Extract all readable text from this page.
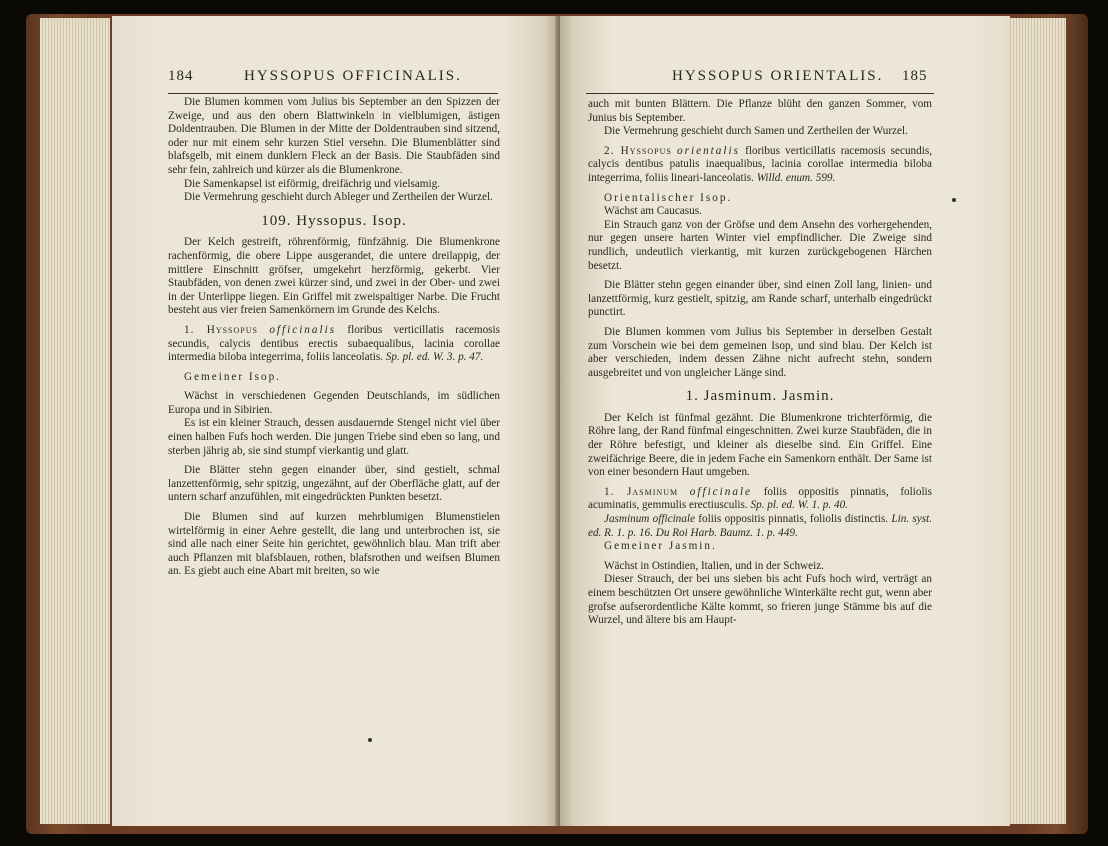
184	HYSSOPUS OFFICINALIS.

Die Blumen kommen vom Julius bis September an den Spizzen der Zweige, und aus den obern Blattwinkeln in vielblumigen, ästigen Doldentrauben. Die Blumen in der Mitte der Doldentrauben sind sitzend, oder nur mit einem sehr kurzen Stiel versehn. Die Blumenblätter sind blafsgelb, mit einem dunklern Fleck an der Basis. Die Staubfäden sind sehr fein, zahlreich und kürzer als die Blumenkrone.

Die Samenkapsel ist eiförmig, dreifächrig und vielsamig.

Die Vermehrung geschieht durch Ableger und Zertheilen der Wurzel.

109. Hyssopus. Isop.

Der Kelch gestreift, röhrenförmig, fünfzähnig. Die Blumenkrone rachenförmig, die obere Lippe ausgerandet, die untere dreilappig, der mittlere Einschnitt gröfser, umgekehrt herzförmig, gekerbt. Vier Staubfäden, von denen zwei kürzer sind, und zwei in der Ober- und zwei in der Unterlippe liegen. Ein Griffel mit zweispaltiger Narbe. Die Frucht besteht aus vier freien Samenkörnern im Grunde des Kelchs.

1. Hyssopus officinalis floribus verticillatis racemosis secundis, calycis dentibus erectis subaequalibus, lacinia corollae intermedia biloba integerrima, foliis lanceolatis. Sp. pl. ed. W. 3. p. 47.

Gemeiner Isop.

Wächst in verschiedenen Gegenden Deutschlands, im südlichen Europa und in Sibirien.

Es ist ein kleiner Strauch, dessen ausdauernde Stengel nicht viel über einen halben Fufs hoch werden. Die jungen Triebe sind eben so lang, und sterben jährig ab, sie sind stumpf vierkantig und glatt.

Die Blätter stehn gegen einander über, sind gestielt, schmal lanzettenförmig, sehr spitzig, ungezähnt, auf der Oberfläche glatt, auf der untern scharf anzufühlen, mit eingedrückten Punkten besetzt.

Die Blumen sind auf kurzen mehrblumigen Blumenstielen wirtelförmig in einer Aehre gestellt, die lang und unterbrochen ist, sie sind alle nach einer Seite hin gerichtet, gewöhnlich blau. Man trift aber auch Pflanzen mit blafsblauen, rothen, blafsrothen und weifsen Blumen an. Es giebt auch eine Abart mit breiten, so wie

HYSSOPUS ORIENTALIS. 185

auch mit bunten Blättern. Die Pflanze blüht den ganzen Sommer, vom Junius bis September.

Die Vermehrung geschieht durch Samen und Zertheilen der Wurzel.

2. Hyssopus orientalis floribus verticillatis racemosis secundis, calycis dentibus patulis inaequalibus, lacinia corollae intermedia biloba integerrima, foliis lineari-lanceolatis. Willd. enum. 599.

Orientalischer Isop.

Wächst am Caucasus.

Ein Strauch ganz von der Gröfse und dem Ansehn des vorhergehenden, nur gegen unsere harten Winter viel empfindlicher. Die Zweige sind rundlich, undeutlich vierkantig, mit kurzen zurückgebogenen Härchen besetzt.

Die Blätter stehn gegen einander über, sind einen Zoll lang, linien- und lanzettförmig, kurz gestielt, spitzig, am Rande scharf, unterhalb eingedrückt punctirt.

Die Blumen kommen vom Julius bis September in derselben Gestalt zum Vorschein wie bei dem gemeinen Isop, und sind blau. Der Kelch ist aber verschieden, indem dessen Zähne nicht aufrecht stehn, sondern ausgebreitet und von ungleicher Länge sind.

1. Jasminum. Jasmin.

Der Kelch ist fünfmal gezähnt. Die Blumenkrone trichterförmig, die Röhre lang, der Rand fünfmal eingeschnitten. Zwei kurze Staubfäden, die in der Röhre befestigt, und kleiner als dieselbe sind. Ein Griffel. Eine zweifächrige Beere, die in jedem Fache ein Samenkorn enthält. Der Same ist von einer besondern Haut umgeben.

1. Jasminum officinale foliis oppositis pinnatis, foliolis acuminatis, gemmulis erectiusculis. Sp. pl. ed. W. 1. p. 40.

Jasminum officinale foliis oppositis pinnatis, foliolis distinctis. Lin. syst. ed. R. 1. p. 16. Du Roi Harb. Baumz. 1. p. 449.

Gemeiner Jasmin.

Wächst in Ostindien, Italien, und in der Schweiz.

Dieser Strauch, der bei uns sieben bis acht Fufs hoch wird, verträgt an einem beschützten Ort unsere gewöhnliche Winterkälte recht gut, wenn aber grofse aufserordentliche Kälte kommt, so frieren junge Stämme bis auf die Wurzel, und ältere bis am Haupt-
